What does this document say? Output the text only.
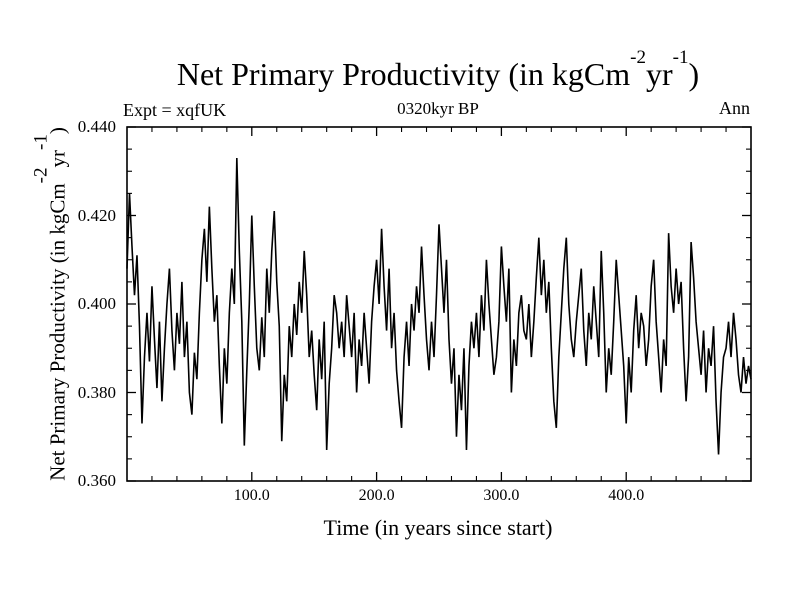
Net Primary Productivity (in $kgCm^{-2}yr^{-1}$)
0320kyr BP
Expt = xqfUK	Ann
Net Primary Productivity (in $kgCm^{-2}yr^{-1}$)
Time (in years since start)
0.440
0.420
0.400
0.380
0.360
100.0	200.0	300.0	400.0
